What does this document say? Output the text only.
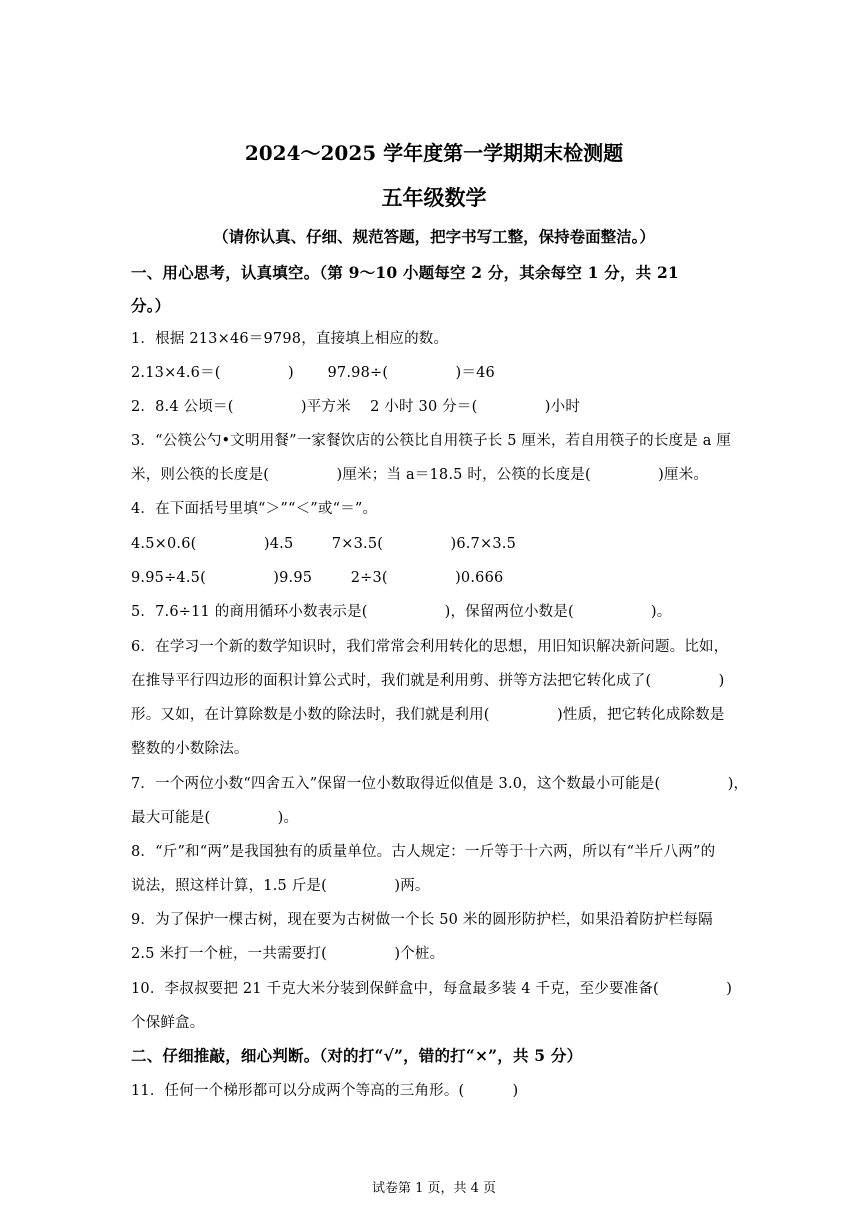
2024～2025 学年度第一学期期末检测题
五年级数学
（请你认真、仔细、规范答题，把字书写工整，保持卷面整洁。）
一、用心思考，认真填空。（第 9～10 小题每空 2 分，其余每空 1 分，共 21
分。）
1．根据 213×46＝9798，直接填上相应的数。
2.13×4.6＝(              )       97.98÷(              )＝46
2．8.4 公顷＝(              )平方米    2 小时 30 分＝(              )小时
3．“公筷公勺•文明用餐”一家餐饮店的公筷比自用筷子长 5 厘米，若自用筷子的长度是 a 厘
米，则公筷的长度是(              )厘米；当 a＝18.5 时，公筷的长度是(              )厘米。
4．在下面括号里填“＞”“＜”或“＝”。
4.5×0.6(              )4.5        7×3.5(              )6.7×3.5
9.95÷4.5(              )9.95        2÷3(              )0.666
5．7.6÷11 的商用循环小数表示是(                )，保留两位小数是(                )。
6．在学习一个新的数学知识时，我们常常会利用转化的思想，用旧知识解决新问题。比如，
在推导平行四边形的面积计算公式时，我们就是利用剪、拼等方法把它转化成了(              )
形。又如，在计算除数是小数的除法时，我们就是利用(              )性质，把它转化成除数是
整数的小数除法。
7．一个两位小数“四舍五入”保留一位小数取得近似值是 3.0，这个数最小可能是(              )，
最大可能是(              )。
8．“斤”和“两”是我国独有的质量单位。古人规定：一斤等于十六两，所以有“半斤八两”的
说法，照这样计算，1.5 斤是(              )两。
9．为了保护一棵古树，现在要为古树做一个长 50 米的圆形防护栏，如果沿着防护栏每隔
2.5 米打一个桩，一共需要打(              )个桩。
10．李叔叔要把 21 千克大米分装到保鲜盒中，每盒最多装 4 千克，至少要准备(              )
个保鲜盒。
二、仔细推敲，细心判断。（对的打“√”，错的打“×”，共 5 分）
11．任何一个梯形都可以分成两个等高的三角形。(          )
试卷第 1 页，共 4 页
